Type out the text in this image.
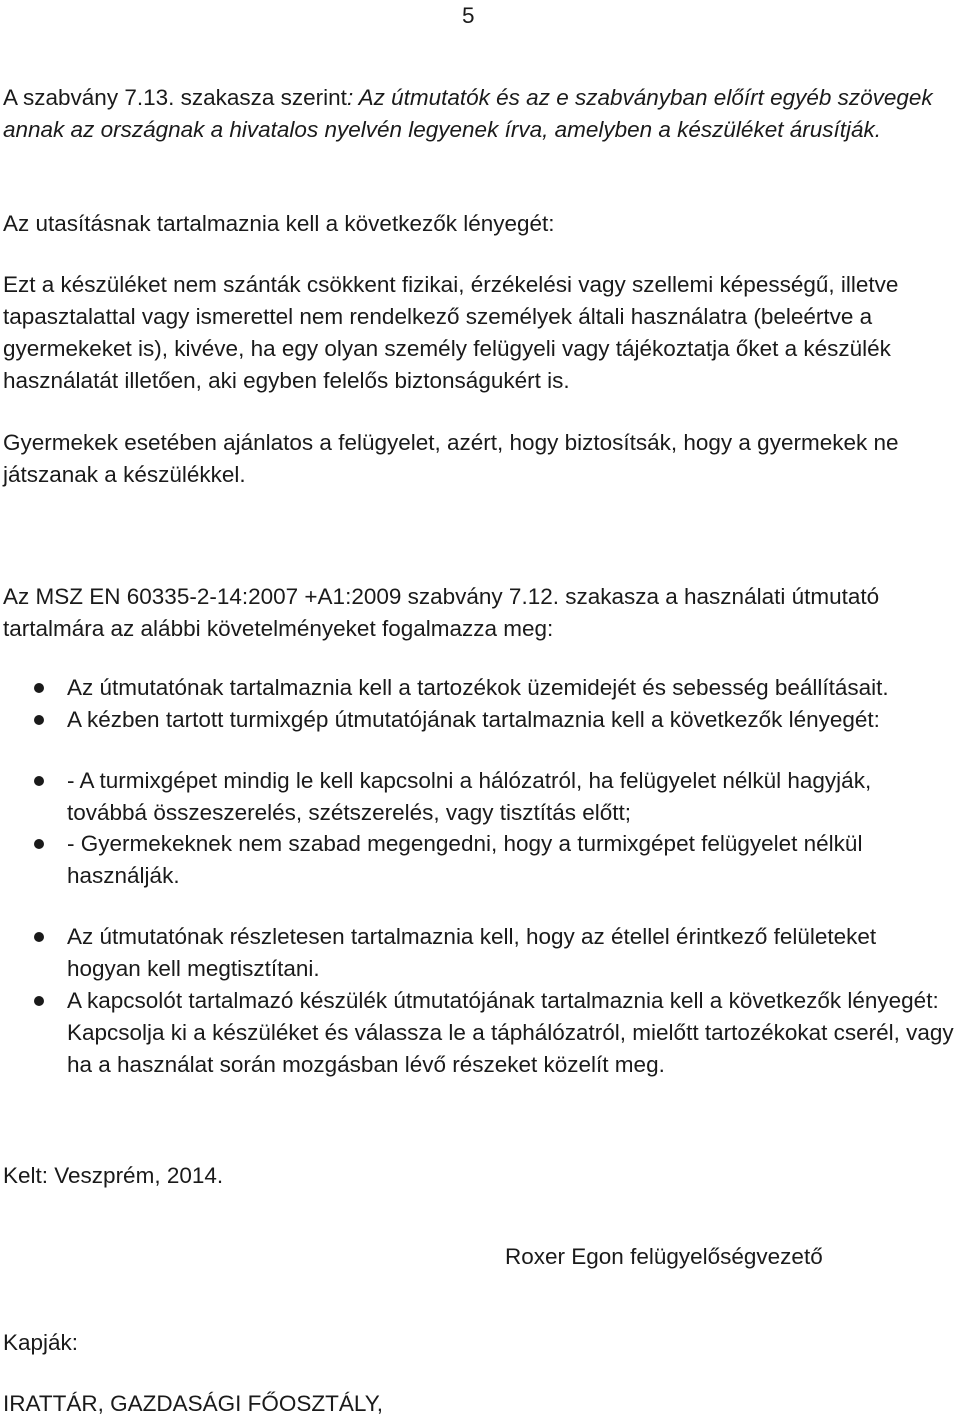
5

A szabvány 7.13. szakasza szerint: Az útmutatók és az e szabványban előírt egyéb szövegek annak az országnak a hivatalos nyelvén legyenek írva, amelyben a készüléket árusítják.

Az utasításnak tartalmaznia kell a következők lényegét:

Ezt a készüléket nem szánták csökkent fizikai, érzékelési vagy szellemi képességű, illetve tapasztalattal vagy ismerettel nem rendelkező személyek általi használatra (beleértve a gyermekeket is), kivéve, ha egy olyan személy felügyeli vagy tájékoztatja őket a készülék használatát illetően, aki egyben felelős biztonságukért is.

Gyermekek esetében ajánlatos a felügyelet, azért, hogy biztosítsák, hogy a gyermekek ne játszanak a készülékkel.

Az MSZ EN 60335-2-14:2007 +A1:2009 szabvány 7.12. szakasza a használati útmutató tartalmára az alábbi követelményeket fogalmazza meg:

Az útmutatónak tartalmaznia kell a tartozékok üzemidejét és sebesség beállításait.

A kézben tartott turmixgép útmutatójának tartalmaznia kell a következők lényegét:

- A turmixgépet mindig le kell kapcsolni a hálózatról, ha felügyelet nélkül hagyják, továbbá összeszerelés, szétszerelés, vagy tisztítás előtt;

- Gyermekeknek nem szabad megengedni, hogy a turmixgépet felügyelet nélkül használják.

Az útmutatónak részletesen tartalmaznia kell, hogy az étellel érintkező felületeket hogyan kell megtisztítani.

A kapcsolót tartalmazó készülék útmutatójának tartalmaznia kell a következők lényegét: Kapcsolja ki a készüléket és válassza le a táphálózatról, mielőtt tartozékokat cserél, vagy ha a használat során mozgásban lévő részeket közelít meg.

Kelt: Veszprém, 2014.

Roxer Egon felügyelőségvezető

Kapják:

IRATTÁR, GAZDASÁGI FŐOSZTÁLY,
